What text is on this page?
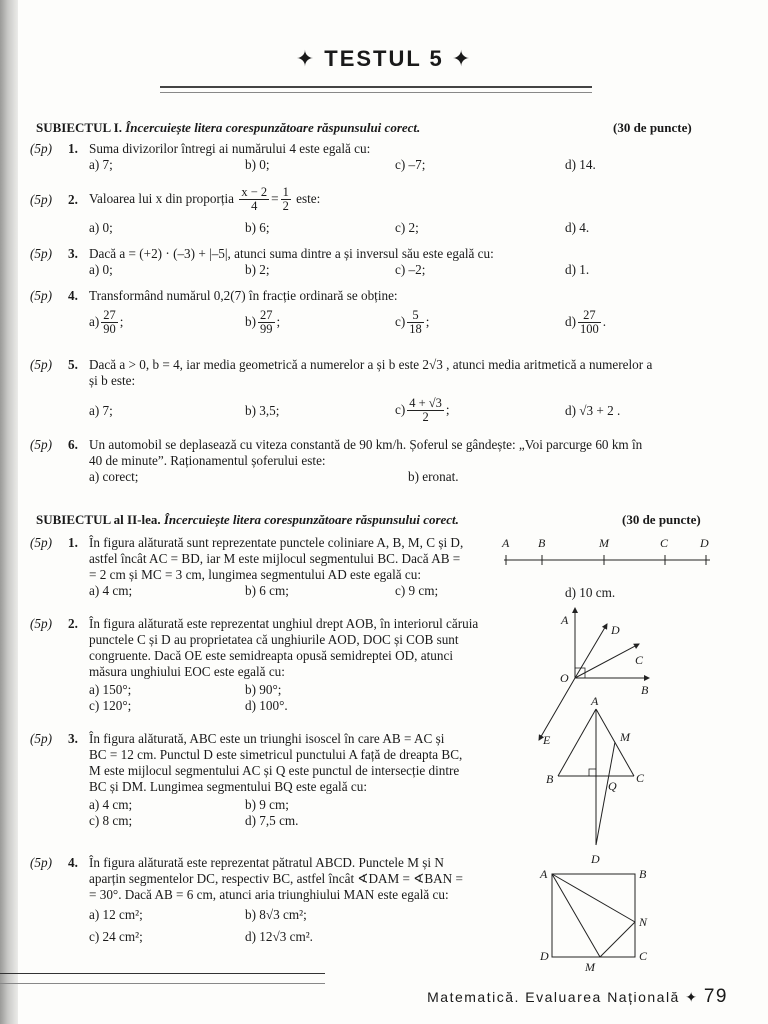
✦ TESTUL 5 ✦
SUBIECTUL I. Încercuiește litera corespunzătoare răspunsului corect.	(30 de puncte)
(5p) 1. Suma divizorilor întregi ai numărului 4 este egală cu:
a) 7;	b) 0;	c) –7;	d) 14.
(5p) 2. Valoarea lui x din proporția $\frac{x - 2}{4} = \frac{1}{2}$ este:
a) 0;	b) 6;	c) 2;	d) 4.
(5p) 3. Dacă a = (+2) · (–3) + |–5|, atunci suma dintre a și inversul său este egală cu:
a) 0;	b) 2;	c) –2;	d) 1.
(5p) 4. Transformând numărul 0,2(7) în fracție ordinară se obține:
$a) \frac{27}{90}$ ;	$b) \frac{27}{99}$ ;	$c) \frac{5}{18}$ ;	$d) \frac{27}{100}$ .
(5p) 5. Dacă a > 0, b = 4, iar media geometrică a numerelor a și b este 2√3 , atunci media aritmetică a numerelor a
și b este:
a) 7;	b) 3,5;	$c) \frac{4 + √3}{2}$ ;	d) √3 + 2 .
(5p) 6. Un automobil se deplasează cu viteza constantă de 90 km/h. Șoferul se gândește: „Voi parcurge 60 km în
40 de minute”. Raționamentul șoferului este:
a) corect;	b) eronat.
SUBIECTUL al II-lea. Încercuiește litera corespunzătoare răspunsului corect.	(30 de puncte)
(5p) 1. În figura alăturată sunt reprezentate punctele coliniare A, B, M, C și D,
astfel încât AC = BD, iar M este mijlocul segmentului BC. Dacă AB =
= 2 cm și MC = 3 cm, lungimea segmentului AD este egală cu:
a) 4 cm;	b) 6 cm;	c) 9 cm;	d) 10 cm.
(5p) 2. În figura alăturată este reprezentat unghiul drept AOB, în interiorul căruia
punctele C și D au proprietatea că unghiurile AOD, DOC și COB sunt
congruente. Dacă OE este semidreapta opusă semidreptei OD, atunci
măsura unghiului EOC este egală cu:
a) 150°;	b) 90°;
c) 120°;	d) 100°.
(5p) 3. În figura alăturată, ABC este un triunghi isoscel în care AB = AC și
BC = 12 cm. Punctul D este simetricul punctului A față de dreapta BC,
M este mijlocul segmentului AC și Q este punctul de intersecție dintre
BC și DM. Lungimea segmentului BQ este egală cu:
a) 4 cm;	b) 9 cm;
c) 8 cm;	d) 7,5 cm.
(5p) 4. În figura alăturată este reprezentat pătratul ABCD. Punctele M și N
aparțin segmentelor DC, respectiv BC, astfel încât ∢DAM = ∢BAN =
= 30°. Dacă AB = 6 cm, atunci aria triunghiului MAN este egală cu:
a) 12 cm²;	b) 8√3 cm²;
c) 24 cm²;	d) 12√3 cm².
A B	M	C	D
A
D
C
O
B
E
A
M
B	Q
C
D
A	B
N
D
M
C
Matematică. Evaluarea Națională ✦ 79
